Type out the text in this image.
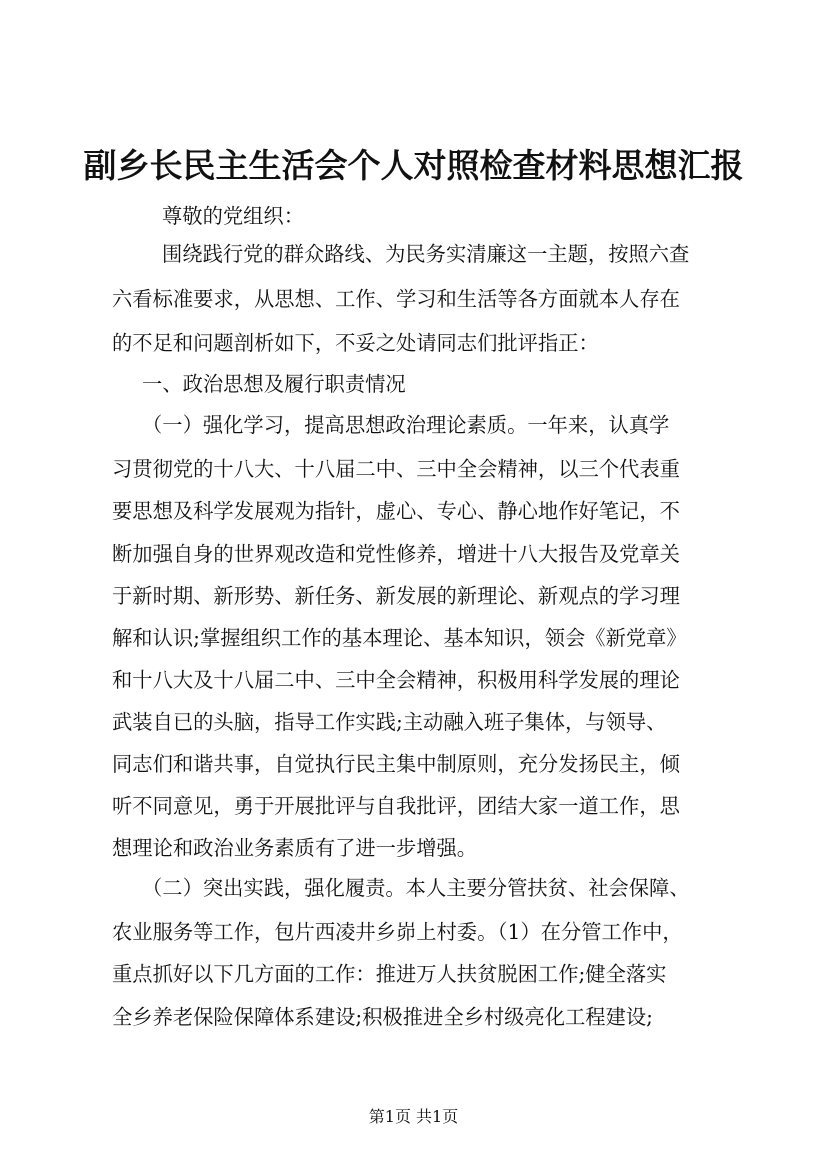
副乡长民主生活会个人对照检查材料思想汇报
尊敬的党组织：
围绕践行党的群众路线、为民务实清廉这一主题，按照六查
六看标准要求，从思想、工作、学习和生活等各方面就本人存在
的不足和问题剖析如下，不妥之处请同志们批评指正：
一、政治思想及履行职责情况
（一）强化学习，提高思想政治理论素质。一年来，认真学
习贯彻党的十八大、十八届二中、三中全会精神，以三个代表重
要思想及科学发展观为指针，虚心、专心、静心地作好笔记，不
断加强自身的世界观改造和党性修养，增进十八大报告及党章关
于新时期、新形势、新任务、新发展的新理论、新观点的学习理
解和认识;掌握组织工作的基本理论、基本知识，领会《新党章》
和十八大及十八届二中、三中全会精神，积极用科学发展的理论
武装自已的头脑，指导工作实践;主动融入班子集体，与领导、
同志们和谐共事，自觉执行民主集中制原则，充分发扬民主，倾
听不同意见，勇于开展批评与自我批评，团结大家一道工作，思
想理论和政治业务素质有了进一步增强。
（二）突出实践，强化履责。本人主要分管扶贫、社会保障、
农业服务等工作，包片西凌井乡峁上村委。（1）在分管工作中，
重点抓好以下几方面的工作：推进万人扶贫脱困工作;健全落实
全乡养老保险保障体系建设;积极推进全乡村级亮化工程建设;
第1页 共1页
